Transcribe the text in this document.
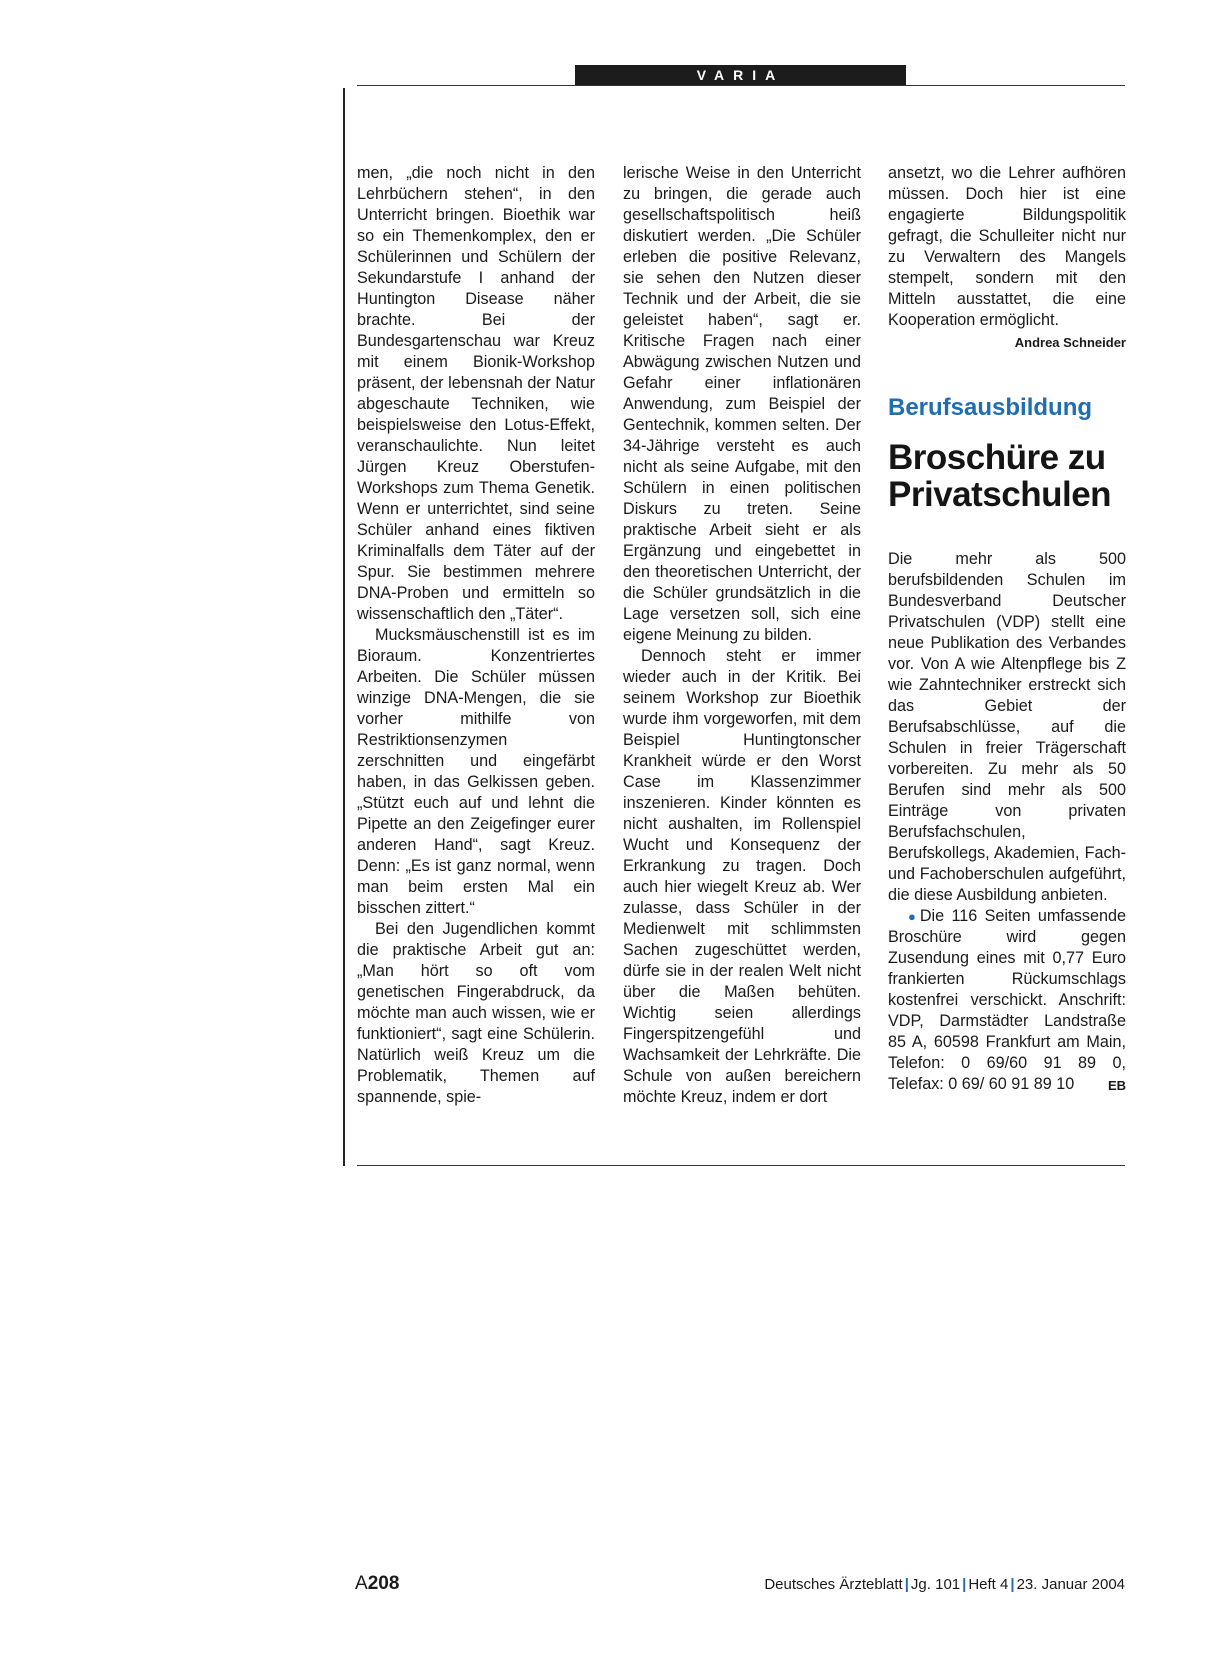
VARIA

men, „die noch nicht in den Lehrbüchern stehen“, in den Unterricht bringen. Bioethik war so ein Themenkomplex, den er Schülerinnen und Schülern der Sekundarstufe I anhand der Huntington Disease näher brachte. Bei der Bundesgartenschau war Kreuz mit einem Bionik-Workshop präsent, der lebensnah der Natur abgeschaute Techniken, wie beispielsweise den Lotus-Effekt, veranschaulichte. Nun leitet Jürgen Kreuz Oberstufen-Workshops zum Thema Genetik. Wenn er unterrichtet, sind seine Schüler anhand eines fiktiven Kriminalfalls dem Täter auf der Spur. Sie bestimmen mehrere DNA-Proben und ermitteln so wissenschaftlich den „Täter“.

Mucksmäuschenstill ist es im Bioraum. Konzentriertes Arbeiten. Die Schüler müssen winzige DNA-Mengen, die sie vorher mithilfe von Restriktionsenzymen zerschnitten und eingefärbt haben, in das Gelkissen geben. „Stützt euch auf und lehnt die Pipette an den Zeigefinger eurer anderen Hand“, sagt Kreuz. Denn: „Es ist ganz normal, wenn man beim ersten Mal ein bisschen zittert.“

Bei den Jugendlichen kommt die praktische Arbeit gut an: „Man hört so oft vom genetischen Fingerabdruck, da möchte man auch wissen, wie er funktioniert“, sagt eine Schülerin. Natürlich weiß Kreuz um die Problematik, Themen auf spannende, spie-

lerische Weise in den Unterricht zu bringen, die gerade auch gesellschaftspolitisch heiß diskutiert werden. „Die Schüler erleben die positive Relevanz, sie sehen den Nutzen dieser Technik und der Arbeit, die sie geleistet haben“, sagt er. Kritische Fragen nach einer Abwägung zwischen Nutzen und Gefahr einer inflationären Anwendung, zum Beispiel der Gentechnik, kommen selten. Der 34-Jährige versteht es auch nicht als seine Aufgabe, mit den Schülern in einen politischen Diskurs zu treten. Seine praktische Arbeit sieht er als Ergänzung und eingebettet in den theoretischen Unterricht, der die Schüler grundsätzlich in die Lage versetzen soll, sich eine eigene Meinung zu bilden.

Dennoch steht er immer wieder auch in der Kritik. Bei seinem Workshop zur Bioethik wurde ihm vorgeworfen, mit dem Beispiel Huntingtonscher Krankheit würde er den Worst Case im Klassenzimmer inszenieren. Kinder könnten es nicht aushalten, im Rollenspiel Wucht und Konsequenz der Erkrankung zu tragen. Doch auch hier wiegelt Kreuz ab. Wer zulasse, dass Schüler in der Medienwelt mit schlimmsten Sachen zugeschüttet werden, dürfe sie in der realen Welt nicht über die Maßen behüten. Wichtig seien allerdings Fingerspitzengefühl und Wachsamkeit der Lehrkräfte. Die Schule von außen bereichern möchte Kreuz, indem er dort

ansetzt, wo die Lehrer aufhören müssen. Doch hier ist eine engagierte Bildungspolitik gefragt, die Schulleiter nicht nur zu Verwaltern des Mangels stempelt, sondern mit den Mitteln ausstattet, die eine Kooperation ermöglicht.
Andrea Schneider

Berufsausbildung
Broschüre zu
Privatschulen

Die mehr als 500 berufsbildenden Schulen im Bundesverband Deutscher Privatschulen (VDP) stellt eine neue Publikation des Verbandes vor. Von A wie Altenpflege bis Z wie Zahntechniker erstreckt sich das Gebiet der Berufsabschlüsse, auf die Schulen in freier Trägerschaft vorbereiten. Zu mehr als 50 Berufen sind mehr als 500 Einträge von privaten Berufsfachschulen, Berufskollegs, Akademien, Fach- und Fachoberschulen aufgeführt, die diese Ausbildung anbieten.

● Die 116 Seiten umfassende Broschüre wird gegen Zusendung eines mit 0,77 Euro frankierten Rückumschlags kostenfrei verschickt. Anschrift: VDP, Darmstädter Landstraße 85 A, 60598 Frankfurt am Main, Telefon: 0 69/60 91 89 0, Telefax: 0 69/ 60 91 89 10	EB

A208	Deutsches Ärzteblatt | Jg. 101 | Heft 4 | 23. Januar 2004
